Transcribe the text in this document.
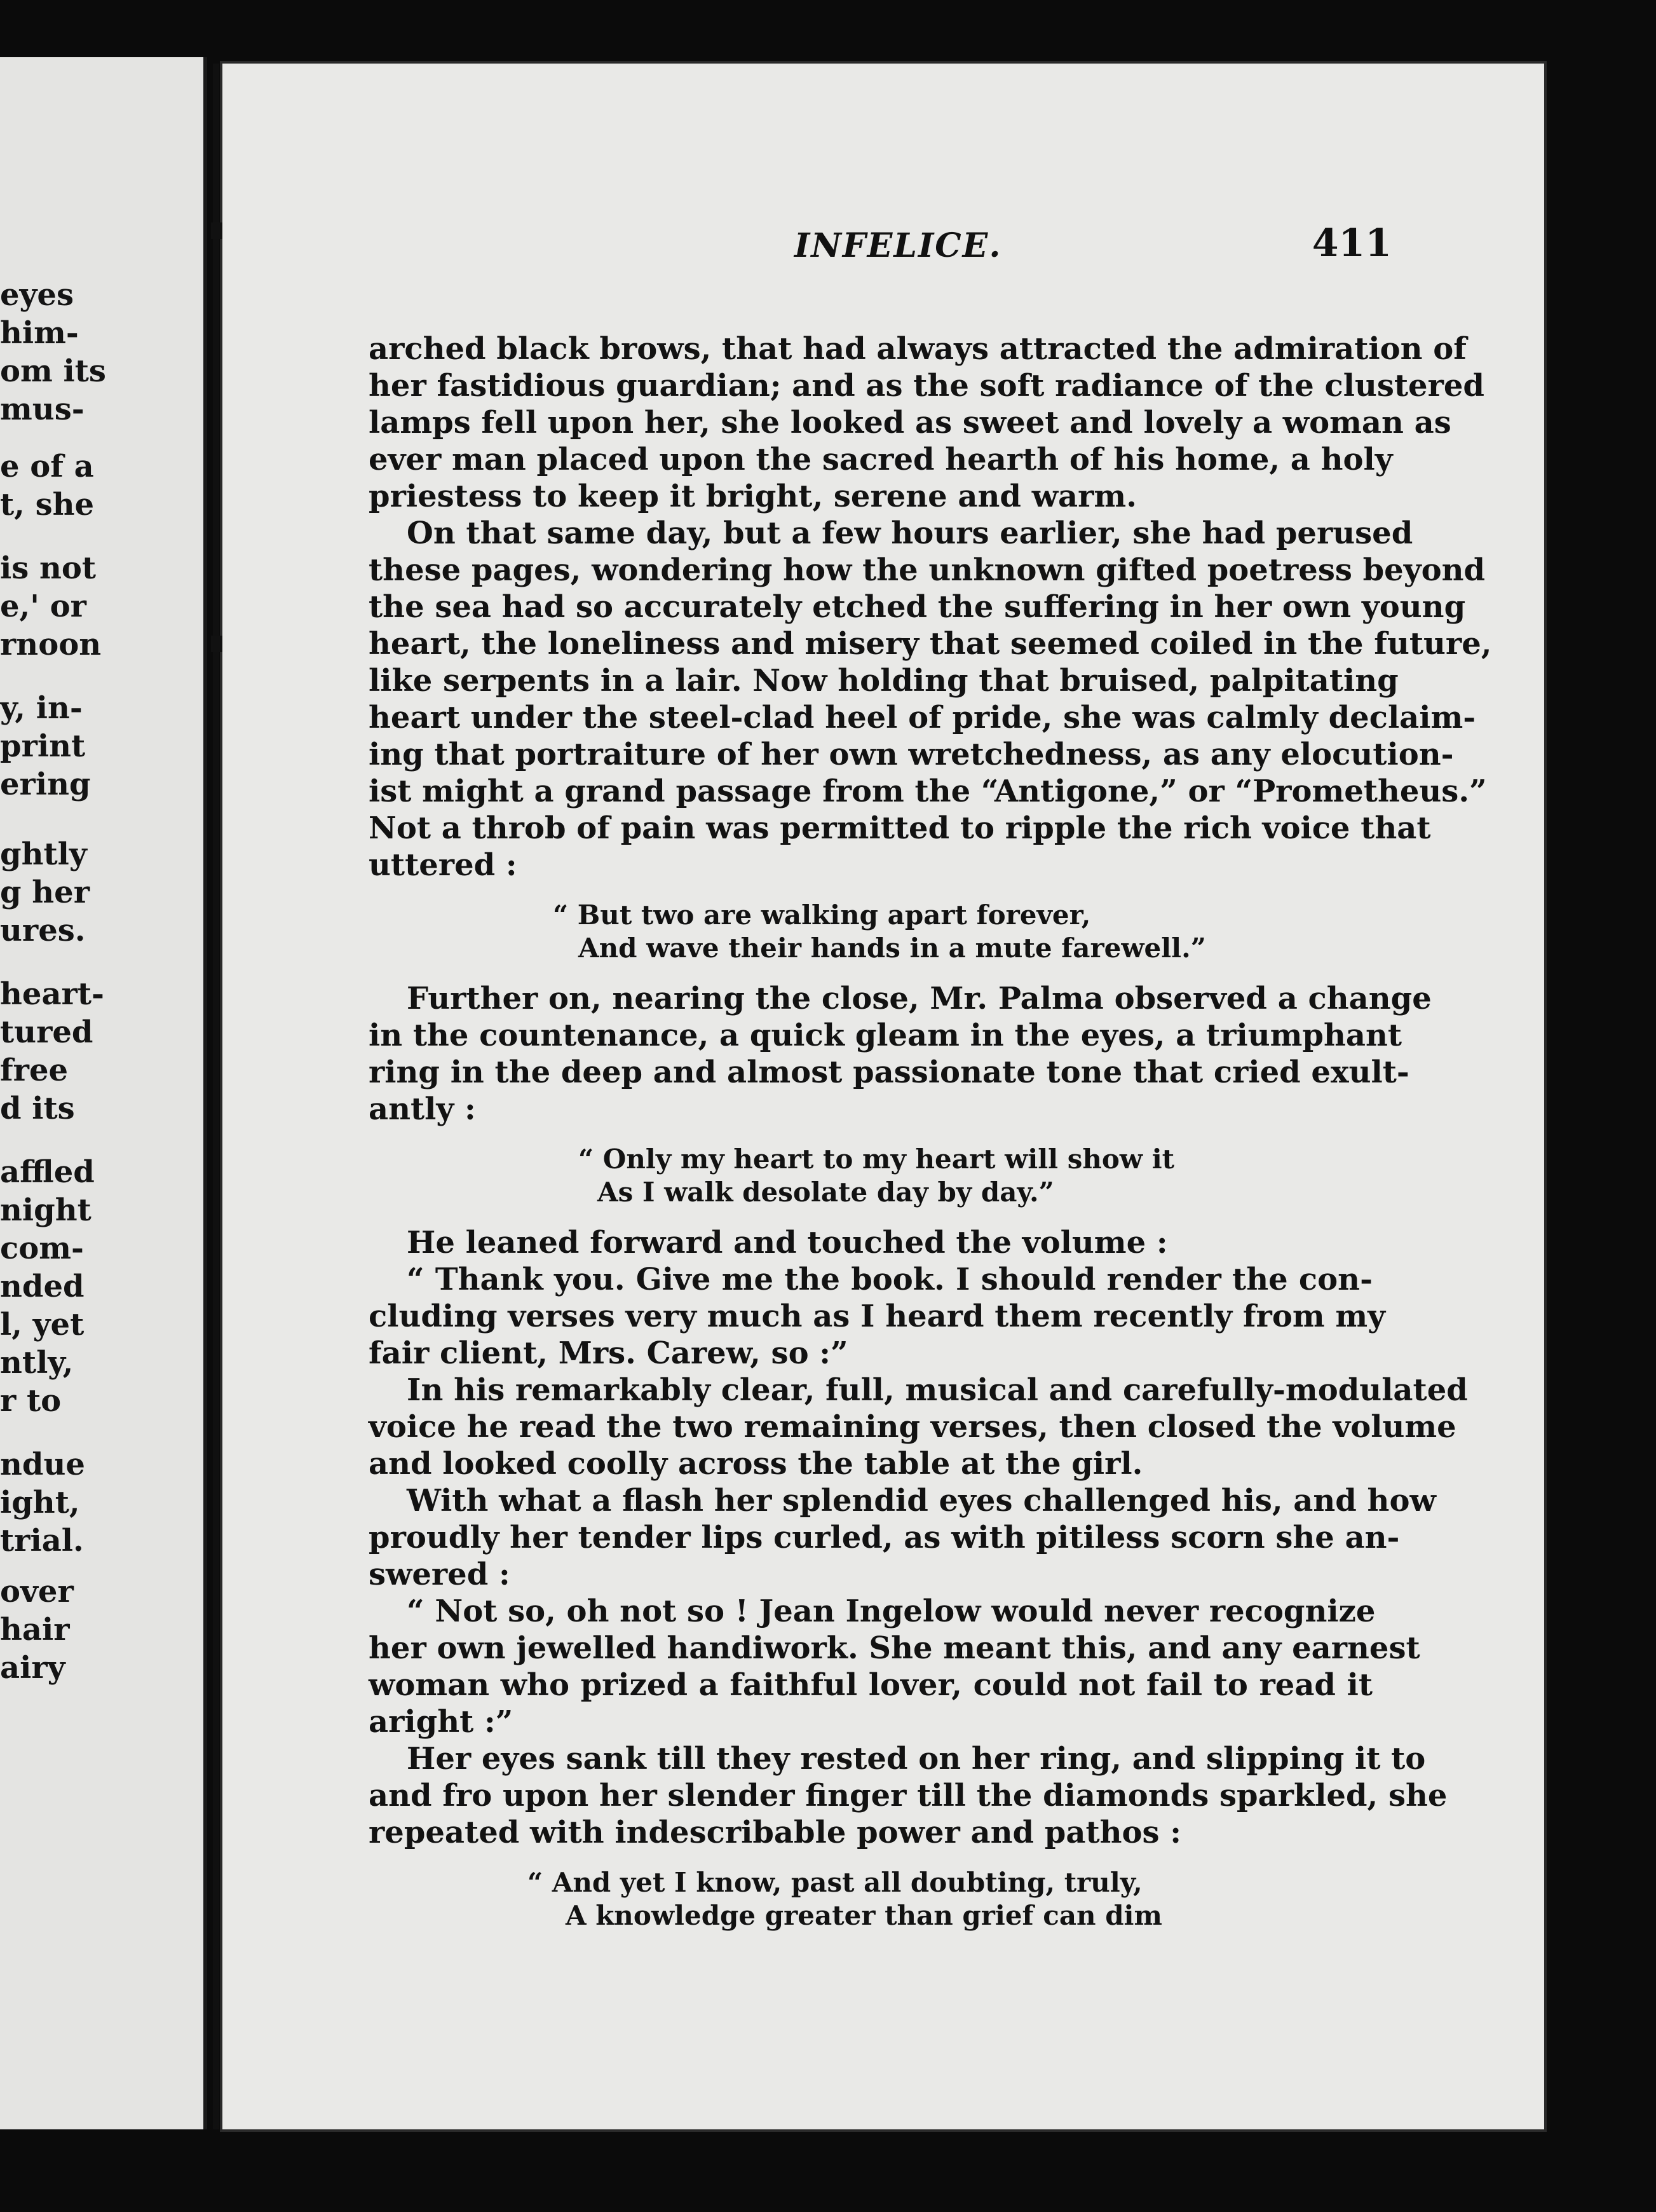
eyes
him-
om its
mus-
e of a
t, she
is not
e,' or
rnoon
y, in-
print
ering
ghtly
g her
ures.
heart-
tured
free
d its
affled
night
com-
nded
l, yet
ntly,
r to
ndue
ight,
trial.
over
hair
airy
INFELICE.	411
arched black brows, that had always attracted the admiration of
her fastidious guardian; and as the soft radiance of the clustered
lamps fell upon her, she looked as sweet and lovely a woman as
ever man placed upon the sacred hearth of his home, a holy
priestess to keep it bright, serene and warm.
On that same day, but a few hours earlier, she had perused
these pages, wondering how the unknown gifted poetress beyond
the sea had so accurately etched the suffering in her own young
heart, the loneliness and misery that seemed coiled in the future,
like serpents in a lair. Now holding that bruised, palpitating
heart under the steel-clad heel of pride, she was calmly declaim-
ing that portraiture of her own wretchedness, as any elocution-
ist might a grand passage from the “Antigone,” or “Prometheus.”
Not a throb of pain was permitted to ripple the rich voice that
uttered :
“ But two are walking apart forever,
And wave their hands in a mute farewell.”
Further on, nearing the close, Mr. Palma observed a change
in the countenance, a quick gleam in the eyes, a triumphant
ring in the deep and almost passionate tone that cried exult-
antly :
“ Only my heart to my heart will show it
As I walk desolate day by day.”
He leaned forward and touched the volume :
“ Thank you. Give me the book. I should render the con-
cluding verses very much as I heard them recently from my
fair client, Mrs. Carew, so :”
In his remarkably clear, full, musical and carefully-modulated
voice he read the two remaining verses, then closed the volume
and looked coolly across the table at the girl.
With what a flash her splendid eyes challenged his, and how
proudly her tender lips curled, as with pitiless scorn she an-
swered :
“ Not so, oh not so ! Jean Ingelow would never recognize
her own jewelled handiwork. She meant this, and any earnest
woman who prized a faithful lover, could not fail to read it
aright :”
Her eyes sank till they rested on her ring, and slipping it to
and fro upon her slender finger till the diamonds sparkled, she
repeated with indescribable power and pathos :
“ And yet I know, past all doubting, truly,
A knowledge greater than grief can dim
